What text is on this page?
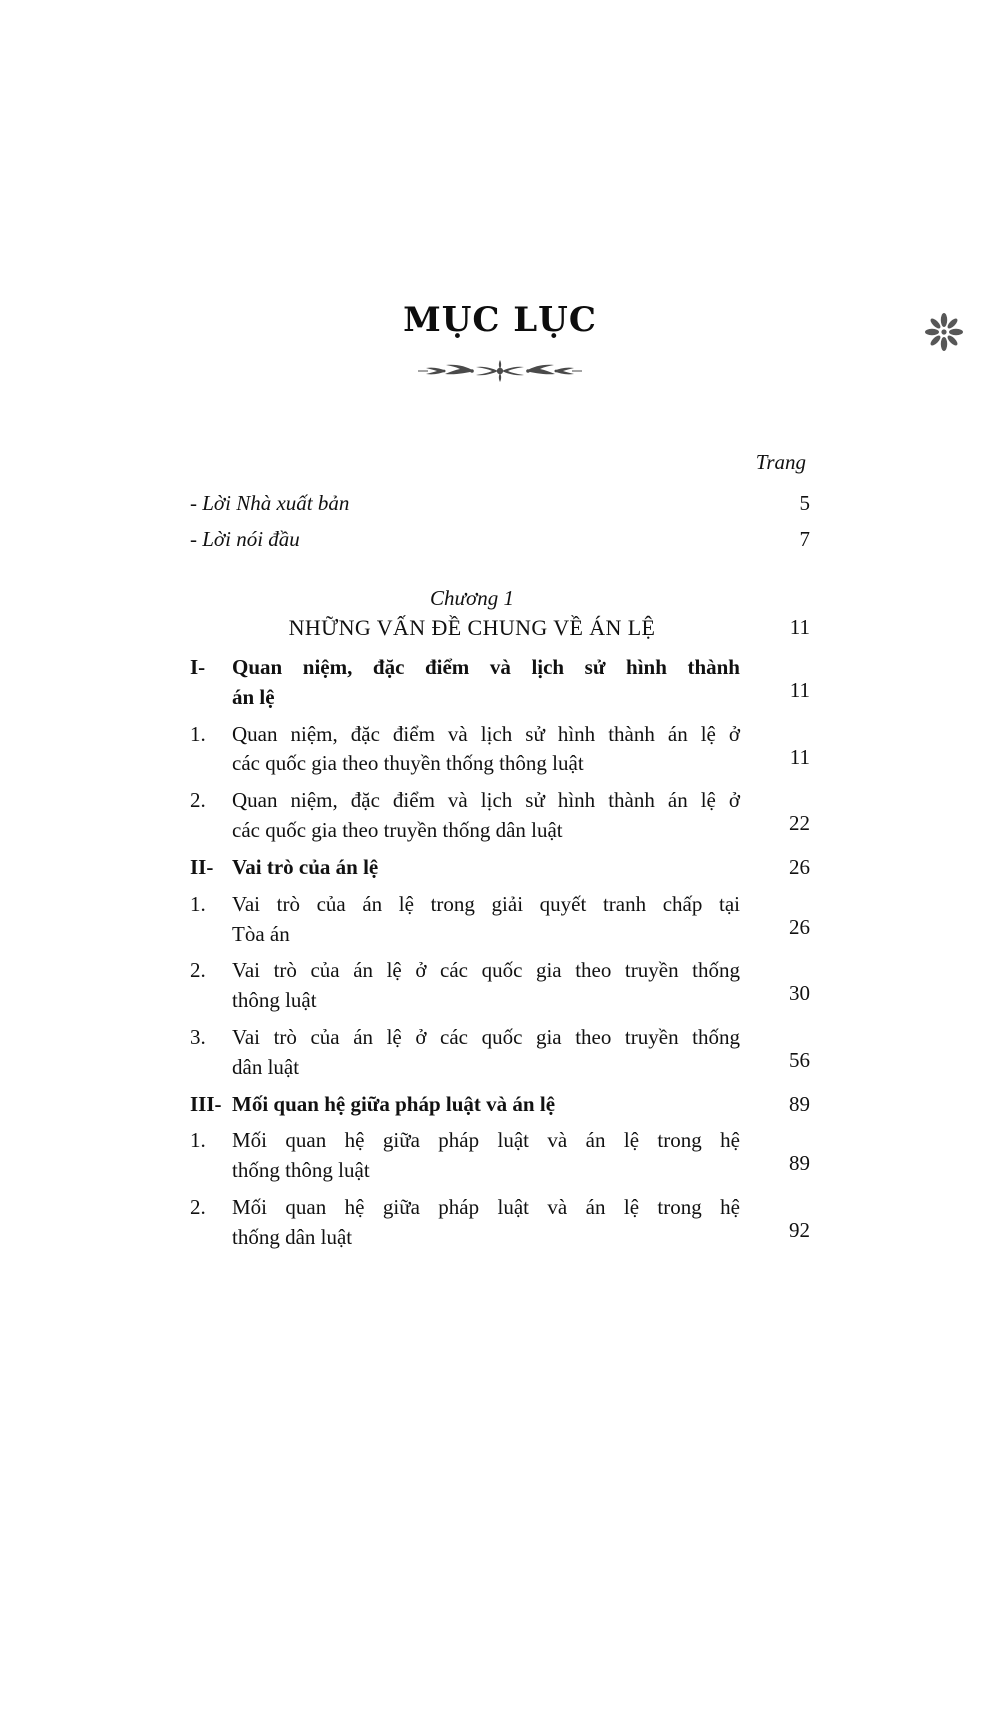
MỤC LỤC
Trang
- Lời Nhà xuất bản	5
- Lời nói đầu	7
Chương 1
NHỮNG VẤN ĐỀ CHUNG VỀ ÁN LỆ	11
I-	Quan niệm, đặc điểm và lịch sử hình thành
án lệ	11
1.	Quan niệm, đặc điểm và lịch sử hình thành án lệ ở
các quốc gia theo thuyền thống thông luật	11
2.	Quan niệm, đặc điểm và lịch sử hình thành án lệ ở
các quốc gia theo truyền thống dân luật	22
II- Vai trò của án lệ	26
1.	Vai trò của án lệ trong giải quyết tranh chấp tại
Tòa án	26
2.	Vai trò của án lệ ở các quốc gia theo truyền thống
thông luật	30
3.	Vai trò của án lệ ở các quốc gia theo truyền thống
dân luật	56
III- Mối quan hệ giữa pháp luật và án lệ	89
1.	Mối quan hệ giữa pháp luật và án lệ trong hệ
thống thông luật	89
2.	Mối quan hệ giữa pháp luật và án lệ trong hệ
thống dân luật	92
